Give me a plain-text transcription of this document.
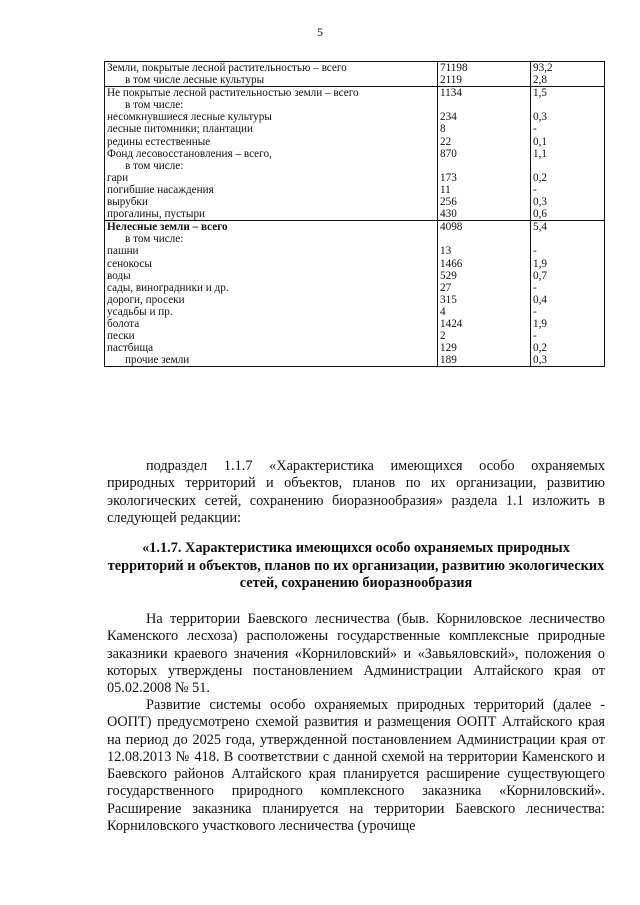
5
Земли, покрытые лесной растительностью – всего	71198	93,2
в том числе лесные культуры	2119	2,8
Не покрытые лесной растительностью земли – всего	1134	1,5
в том числе:		
несомкнувшиеся лесные культуры	234	0,3
лесные питомники; плантации	8	-
редины естественные	22	0,1
Фонд лесовосстановления – всего,	870	1,1
в том числе:		
гари	173	0,2
погибшие насаждения	11	-
вырубки	256	0,3
прогалины, пустыри	430	0,6
Нелесные земли – всего	4098	5,4
в том числе:		
пашни	13	-
сенокосы	1466	1,9
воды	529	0,7
сады, виноградники и др.	27	-
дороги, просеки	315	0,4
усадьбы и пр.	4	-
болота	1424	1,9
пески	2	-
пастбища	129	0,2
прочие земли	189	0,3

подраздел 1.1.7 «Характеристика имеющихся особо охраняемых природных территорий и объектов, планов по их организации, развитию экологических сетей, сохранению биоразнообразия» раздела 1.1 изложить в следующей редакции:

«1.1.7. Характеристика имеющихся особо охраняемых природных территорий и объектов, планов по их организации, развитию экологических сетей, сохранению биоразнообразия

На территории Баевского лесничества (быв. Корниловское лесничество Каменского лесхоза) расположены государственные комплексные природные заказники краевого значения «Корниловский» и «Завьяловский», положения о которых утверждены постановлением Администрации Алтайского края от 05.02.2008 № 51.

Развитие системы особо охраняемых природных территорий (далее - ООПТ) предусмотрено схемой развития и размещения ООПТ Алтайского края на период до 2025 года, утвержденной постановлением Администрации края от 12.08.2013 № 418. В соответствии с данной схемой на территории Каменского и Баевского районов Алтайского края планируется расширение существующего государственного природного комплексного заказника «Корниловский». Расширение заказника планируется на территории Баевского лесничества: Корниловского участкового лесничества (урочище
